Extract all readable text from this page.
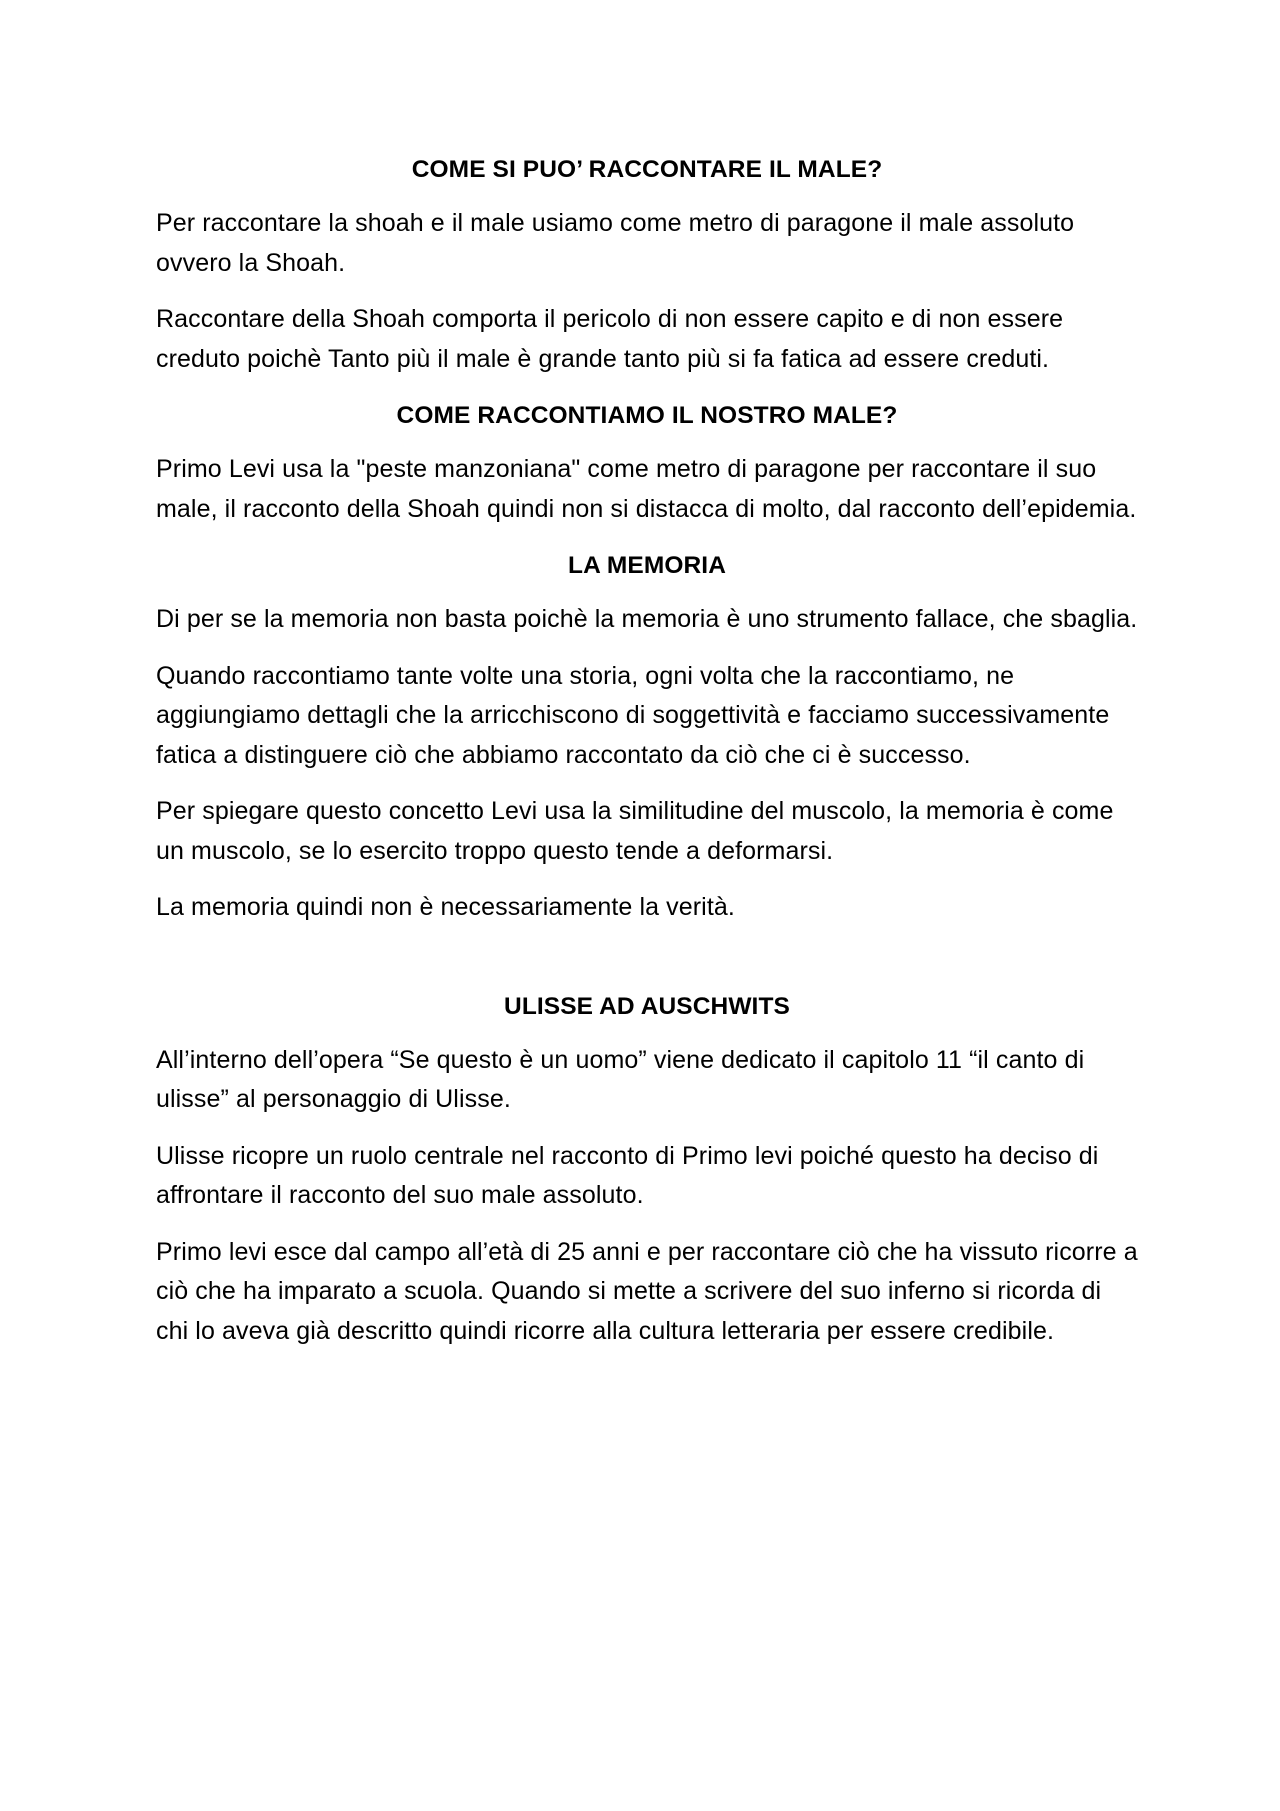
COME SI PUO’ RACCONTARE IL MALE?

Per raccontare la shoah e il male usiamo come metro di paragone il male assoluto ovvero la Shoah.

Raccontare della Shoah comporta il pericolo di non essere capito e di non essere creduto poichè Tanto più il male è grande tanto più si fa fatica ad essere creduti.

COME RACCONTIAMO IL NOSTRO MALE?

Primo Levi usa la "peste manzoniana" come metro di paragone per raccontare il suo male, il racconto della Shoah quindi non si distacca di molto, dal racconto dell’epidemia.

LA MEMORIA

Di per se la memoria non basta poichè la memoria è uno strumento fallace, che sbaglia.

Quando raccontiamo tante volte una storia, ogni volta che la raccontiamo, ne aggiungiamo dettagli che la arricchiscono di soggettività e facciamo successivamente fatica a distinguere ciò che abbiamo raccontato da ciò che ci è successo.

Per spiegare questo concetto Levi usa la similitudine del muscolo, la memoria è come un muscolo, se lo esercito troppo questo tende a deformarsi.

La memoria quindi non è necessariamente la verità.

ULISSE AD AUSCHWITS

All’interno dell’opera “Se questo è un uomo” viene dedicato il capitolo 11 “il canto di ulisse” al personaggio di Ulisse.

Ulisse ricopre un ruolo centrale nel racconto di Primo levi poiché questo ha deciso di affrontare il racconto del suo male assoluto.

Primo levi esce dal campo all’età di 25 anni e per raccontare ciò che ha vissuto ricorre a ciò che ha imparato a scuola. Quando si mette a scrivere del suo inferno si ricorda di chi lo aveva già descritto quindi ricorre alla cultura letteraria per essere credibile.
